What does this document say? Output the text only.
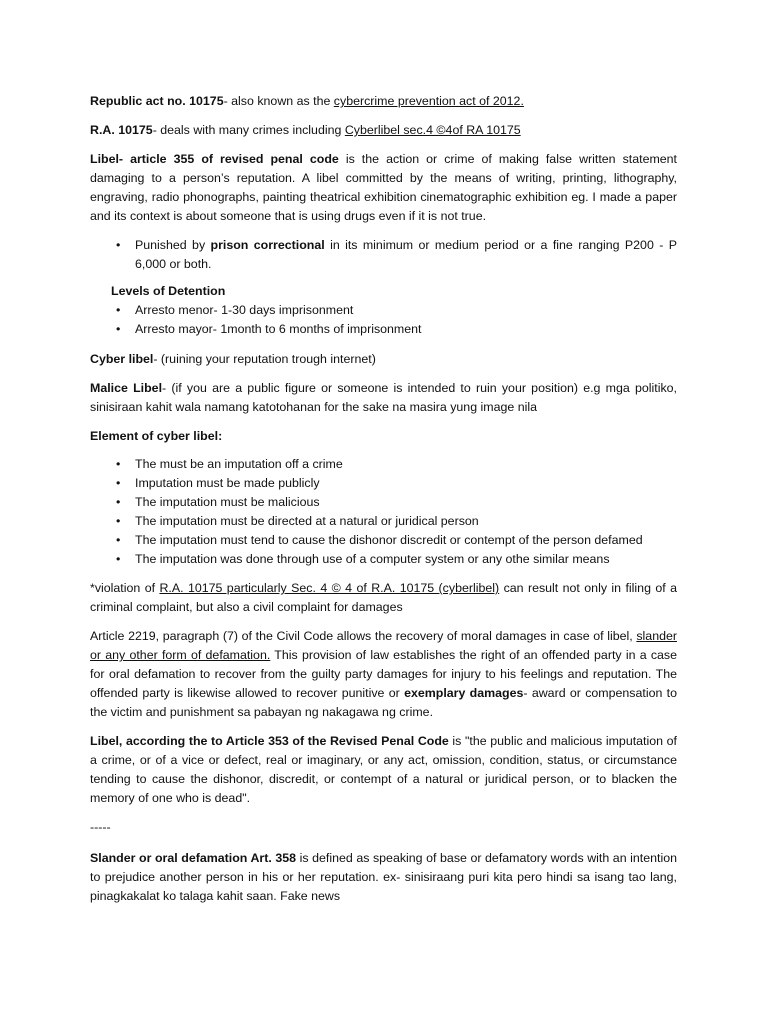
Republic act no. 10175- also known as the cybercrime prevention act of 2012.

R.A. 10175- deals with many crimes including Cyberlibel sec.4 ©4of RA 10175

Libel- article 355 of revised penal code is the action or crime of making false written statement damaging to a person’s reputation. A libel committed by the means of writing, printing, lithography, engraving, radio phonographs, painting theatrical exhibition cinematographic exhibition eg. I made a paper and its context is about someone that is using drugs even if it is not true.

• Punished by prison correctional in its minimum or medium period or a fine ranging P200 - P 6,000 or both.
Levels of Detention
• Arresto menor- 1-30 days imprisonment
• Arresto mayor- 1month to 6 months of imprisonment

Cyber libel- (ruining your reputation trough internet)

Malice Libel- (if you are a public figure or someone is intended to ruin your position) e.g mga politiko, sinisiraan kahit wala namang katotohanan for the sake na masira yung image nila

Element of cyber libel:

• The must be an imputation off a crime
• Imputation must be made publicly
• The imputation must be malicious
• The imputation must be directed at a natural or juridical person
• The imputation must tend to cause the dishonor discredit or contempt of the person defamed
• The imputation was done through use of a computer system or any othe similar means

*violation of R.A. 10175 particularly Sec. 4 © 4 of R.A. 10175 (cyberlibel) can result not only in filing of a criminal complaint, but also a civil complaint for damages

Article 2219, paragraph (7) of the Civil Code allows the recovery of moral damages in case of libel, slander or any other form of defamation. This provision of law establishes the right of an offended party in a case for oral defamation to recover from the guilty party damages for injury to his feelings and reputation. The offended party is likewise allowed to recover punitive or exemplary damages- award or compensation to the victim and punishment sa pabayan ng nakagawa ng crime.

Libel, according the to Article 353 of the Revised Penal Code is "the public and malicious imputation of a crime, or of a vice or defect, real or imaginary, or any act, omission, condition, status, or circumstance tending to cause the dishonor, discredit, or contempt of a natural or juridical person, or to blacken the memory of one who is dead".

-----

Slander or oral defamation Art. 358 is defined as speaking of base or defamatory words with an intention to prejudice another person in his or her reputation. ex- sinisiraang puri kita pero hindi sa isang tao lang, pinagkakalat ko talaga kahit saan. Fake news
